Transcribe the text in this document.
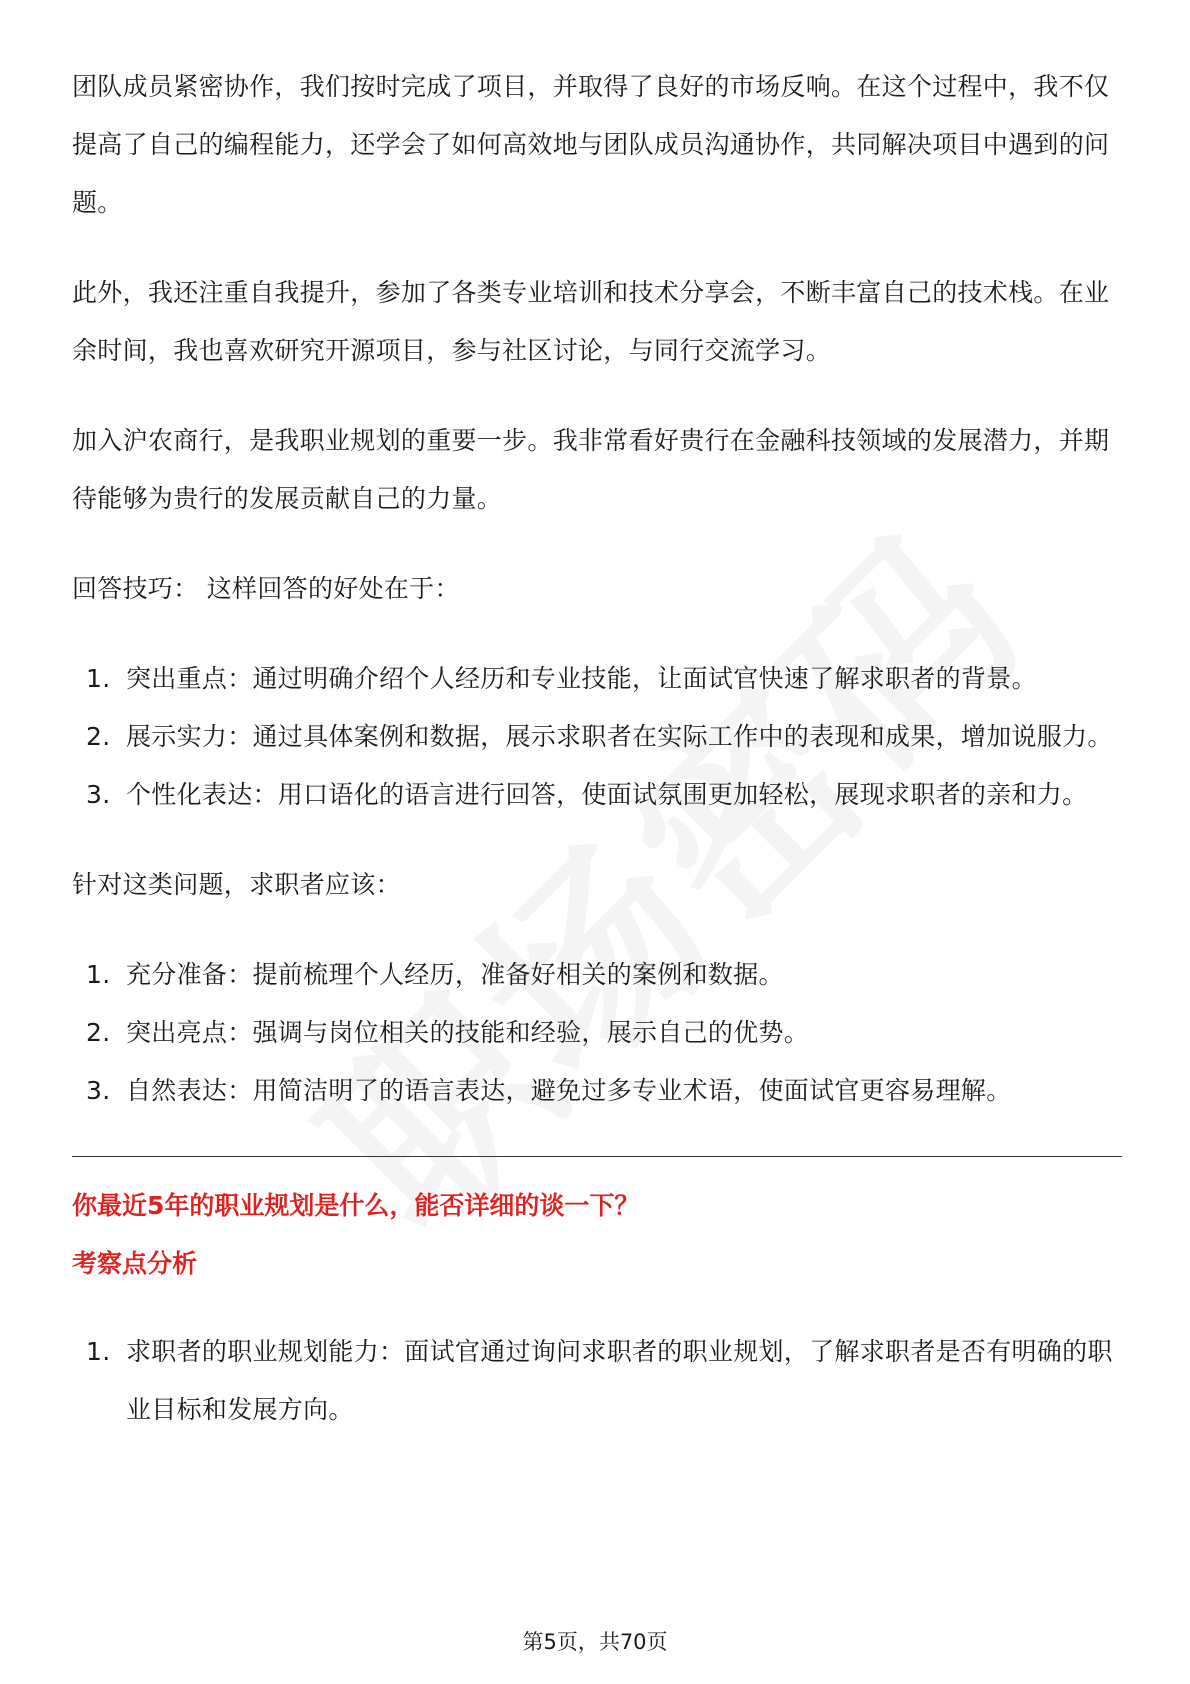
团队成员紧密协作，我们按时完成了项目，并取得了良好的市场反响。在这个过程中，我不仅提高了自己的编程能力，还学会了如何高效地与团队成员沟通协作，共同解决项目中遇到的问题。

此外，我还注重自我提升，参加了各类专业培训和技术分享会，不断丰富自己的技术栈。在业余时间，我也喜欢研究开源项目，参与社区讨论，与同行交流学习。

加入沪农商行，是我职业规划的重要一步。我非常看好贵行在金融科技领域的发展潜力，并期待能够为贵行的发展贡献自己的力量。

回答技巧： 这样回答的好处在于：

1. 突出重点：通过明确介绍个人经历和专业技能，让面试官快速了解求职者的背景。
2. 展示实力：通过具体案例和数据，展示求职者在实际工作中的表现和成果，增加说服力。
3. 个性化表达：用口语化的语言进行回答，使面试氛围更加轻松，展现求职者的亲和力。

针对这类问题，求职者应该：

1. 充分准备：提前梳理个人经历，准备好相关的案例和数据。
2. 突出亮点：强调与岗位相关的技能和经验，展示自己的优势。
3. 自然表达：用简洁明了的语言表达，避免过多专业术语，使面试官更容易理解。
你最近5年的职业规划是什么，能否详细的谈一下？
考察点分析
1. 求职者的职业规划能力：面试官通过询问求职者的职业规划，了解求职者是否有明确的职业目标和发展方向。
第5页，共70页
